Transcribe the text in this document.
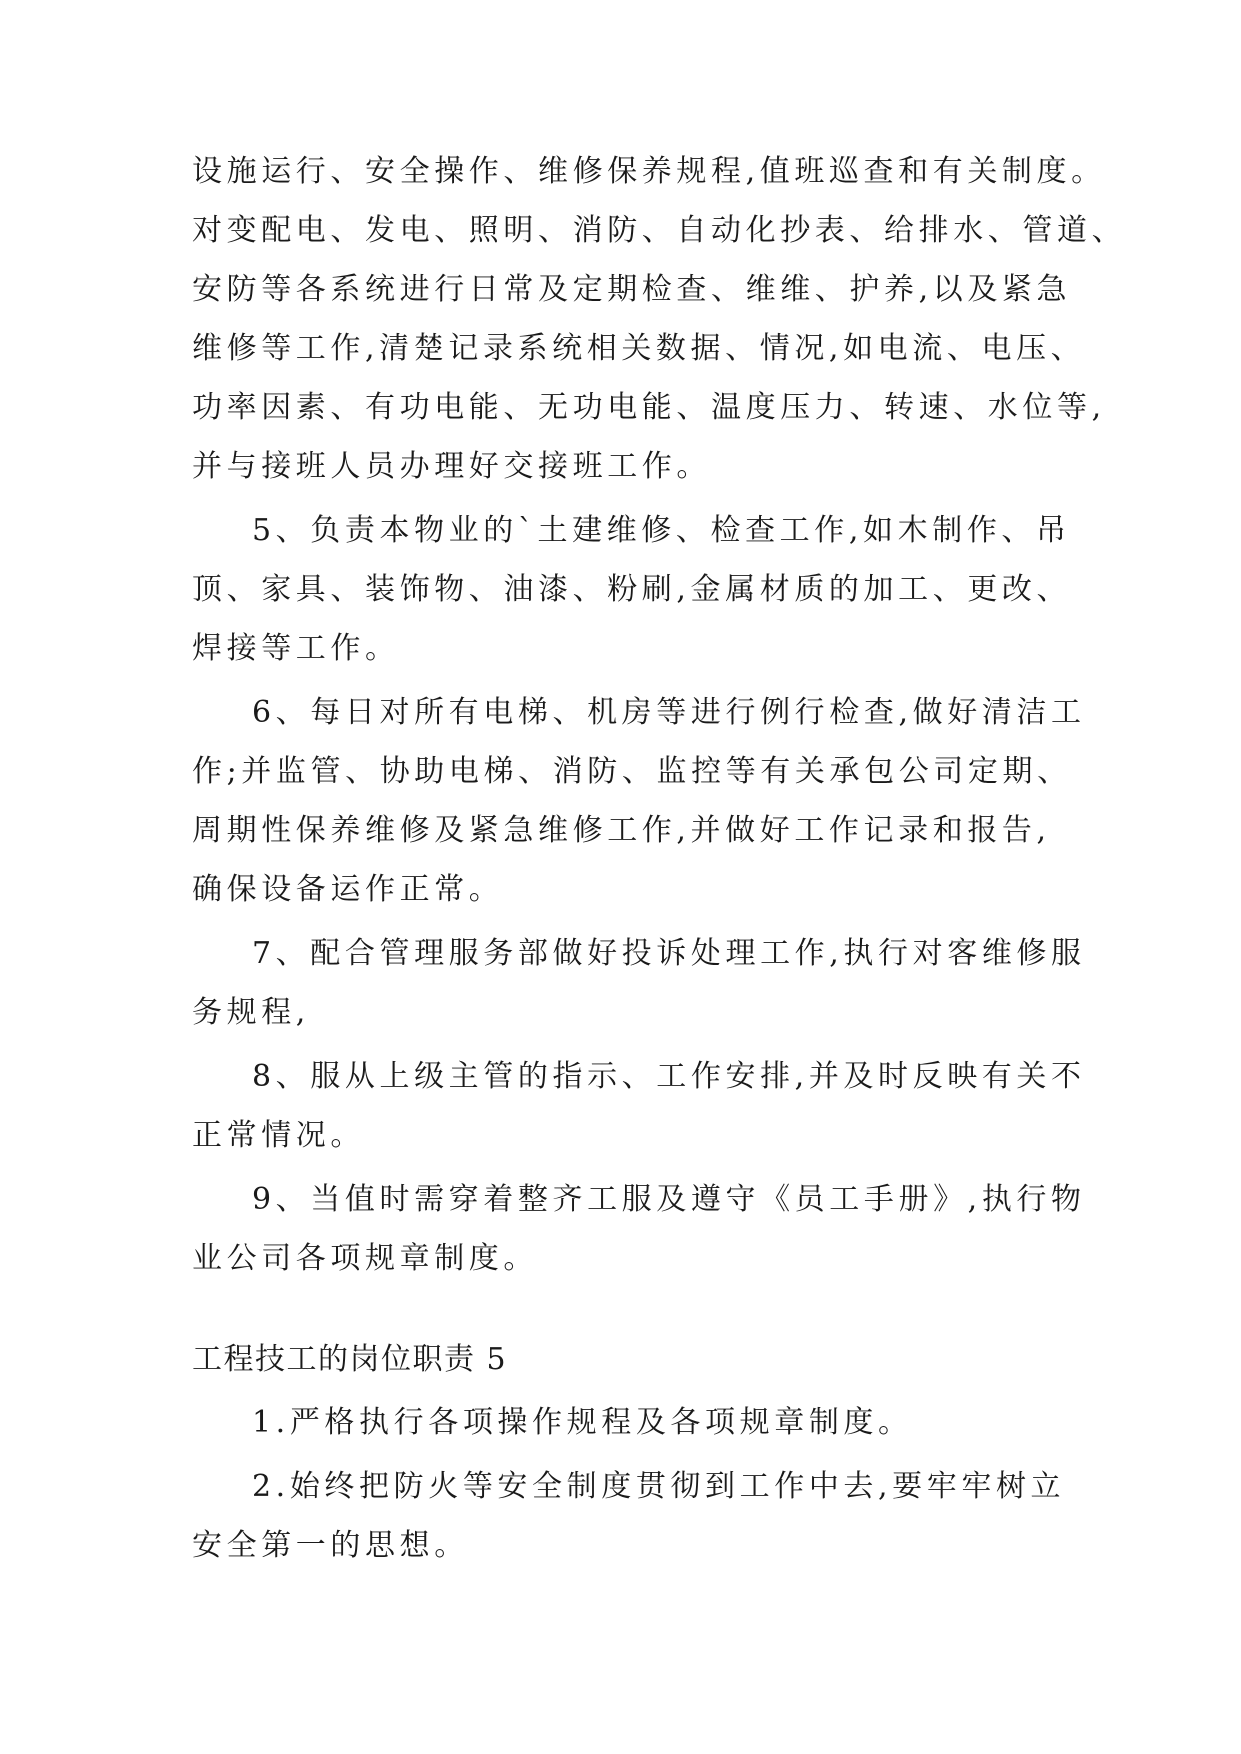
设施运行、安全操作、维修保养规程,值班巡查和有关制度。
对变配电、发电、照明、消防、自动化抄表、给排水、管道、
安防等各系统进行日常及定期检查、维维、护养,以及紧急
维修等工作,清楚记录系统相关数据、情况,如电流、电压、
功率因素、有功电能、无功电能、温度压力、转速、水位等,
并与接班人员办理好交接班工作。
5、负责本物业的`土建维修、检查工作,如木制作、吊
顶、家具、装饰物、油漆、粉刷,金属材质的加工、更改、
焊接等工作。
6、每日对所有电梯、机房等进行例行检查,做好清洁工
作;并监管、协助电梯、消防、监控等有关承包公司定期、
周期性保养维修及紧急维修工作,并做好工作记录和报告,
确保设备运作正常。
7、配合管理服务部做好投诉处理工作,执行对客维修服
务规程,
8、服从上级主管的指示、工作安排,并及时反映有关不
正常情况。
9、当值时需穿着整齐工服及遵守《员工手册》,执行物
业公司各项规章制度。
工程技工的岗位职责 5
1.严格执行各项操作规程及各项规章制度。
2.始终把防火等安全制度贯彻到工作中去,要牢牢树立
安全第一的思想。
